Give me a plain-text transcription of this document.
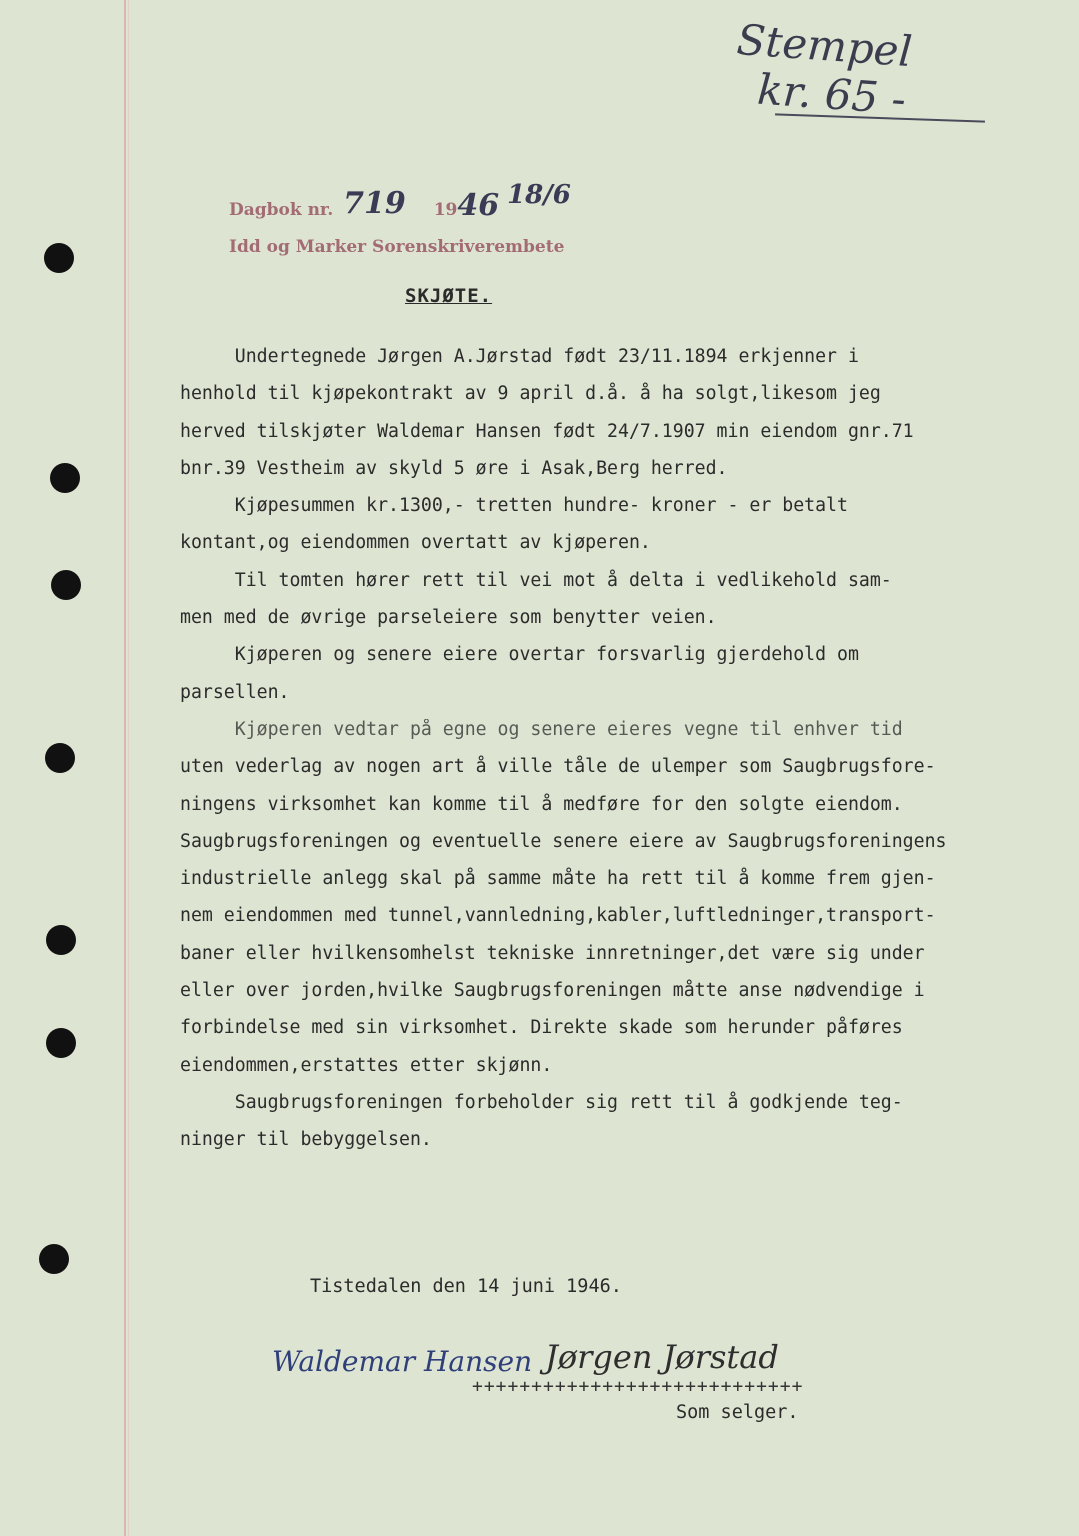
Stempel
kr. 65 -
Dagbok nr. 719 1946 18/6
Idd og Marker Sorenskriverembete
SKJØTE.
Undertegnede Jørgen A.Jørstad født 23/11.1894 erkjenner i
henhold til kjøpekontrakt av 9 april d.å. å ha solgt,likesom jeg
herved tilskjøter Waldemar Hansen født 24/7.1907 min eiendom gnr.71
bnr.39 Vestheim av skyld 5 øre i Asak,Berg herred.
Kjøpesummen kr.1300,- tretten hundre- kroner - er betalt
kontant,og eiendommen overtatt av kjøperen.
Til tomten hører rett til vei mot å delta i vedlikehold sam-
men med de øvrige parseleiere som benytter veien.
Kjøperen og senere eiere overtar forsvarlig gjerdehold om
parsellen.
Kjøperen vedtar på egne og senere eieres vegne til enhver tid
uten vederlag av nogen art å ville tåle de ulemper som Saugbrugsfore-
ningens virksomhet kan komme til å medføre for den solgte eiendom.
Saugbrugsforeningen og eventuelle senere eiere av Saugbrugsforeningens
industrielle anlegg skal på samme måte ha rett til å komme frem gjen-
nem eiendommen med tunnel,vannledning,kabler,luftledninger,transport-
baner eller hvilkensomhelst tekniske innretninger,det være sig under
eller over jorden,hvilke Saugbrugsforeningen måtte anse nødvendige i
forbindelse med sin virksomhet. Direkte skade som herunder påføres
eiendommen,erstattes etter skjønn.
Saugbrugsforeningen forbeholder sig rett til å godkjende teg-
ninger til bebyggelsen.
Tistedalen den 14 juni 1946.
Waldemar Hansen
++++++++++++++++++++++++++++
Jørgen Jørstad
Som selger.
